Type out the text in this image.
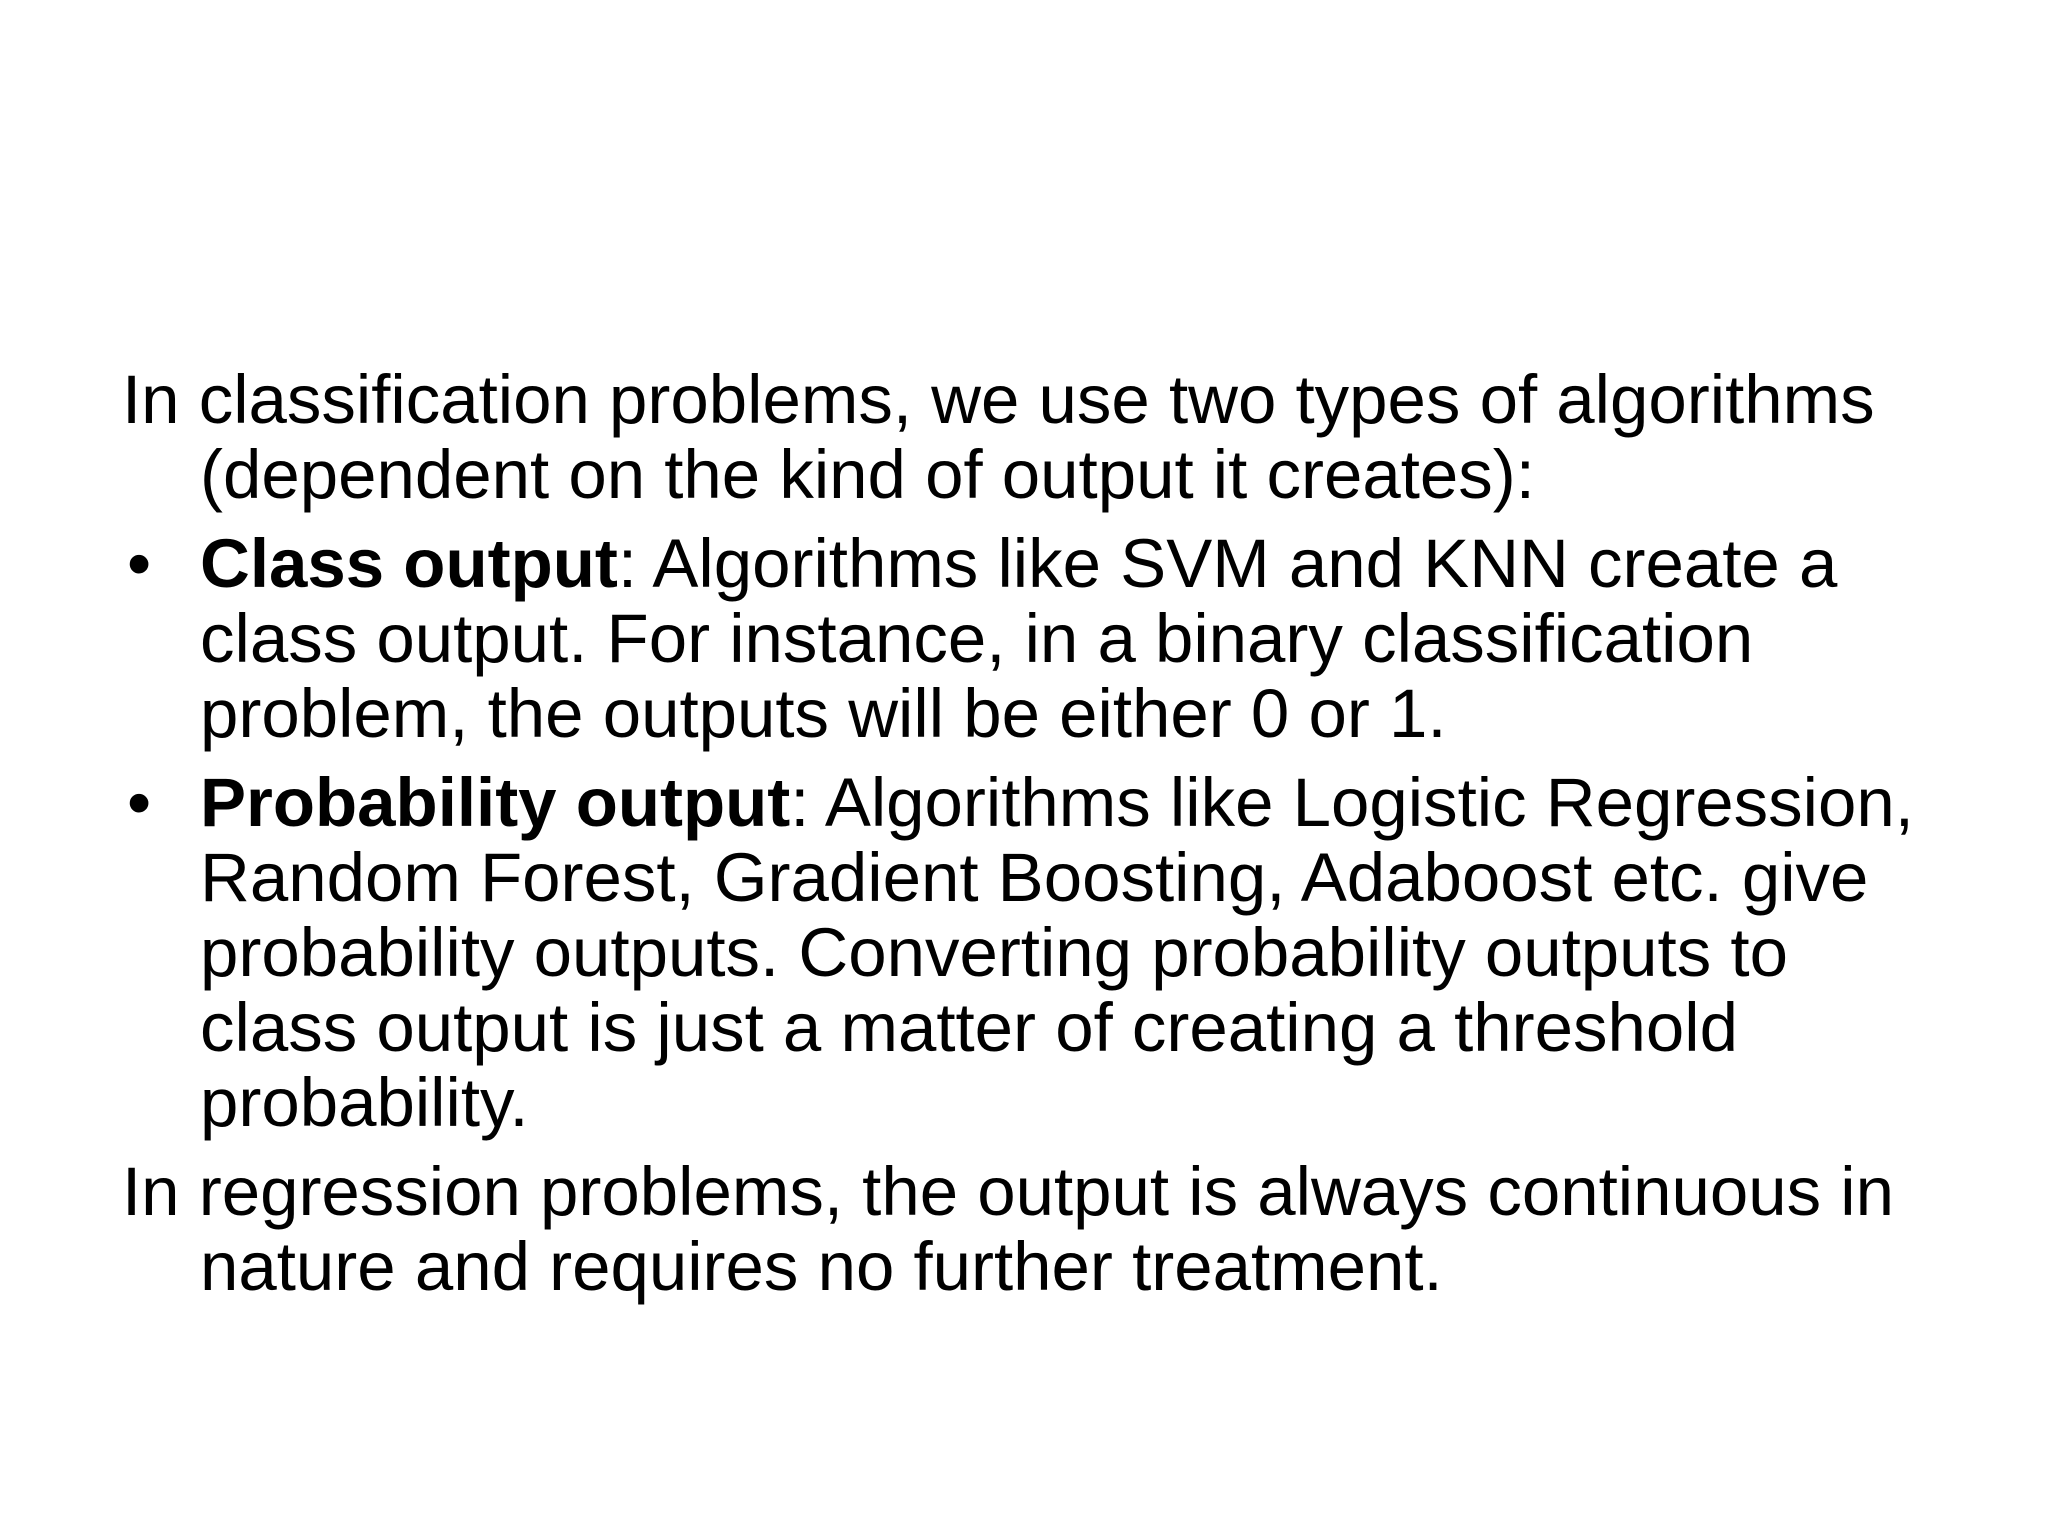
In classification problems, we use two types of algorithms (dependent on the kind of output it creates):

• Class output: Algorithms like SVM and KNN create a class output. For instance, in a binary classification problem, the outputs will be either 0 or 1.
• Probability output: Algorithms like Logistic Regression, Random Forest, Gradient Boosting, Adaboost etc. give probability outputs. Converting probability outputs to class output is just a matter of creating a threshold probability.

In regression problems, the output is always continuous in nature and requires no further treatment.
